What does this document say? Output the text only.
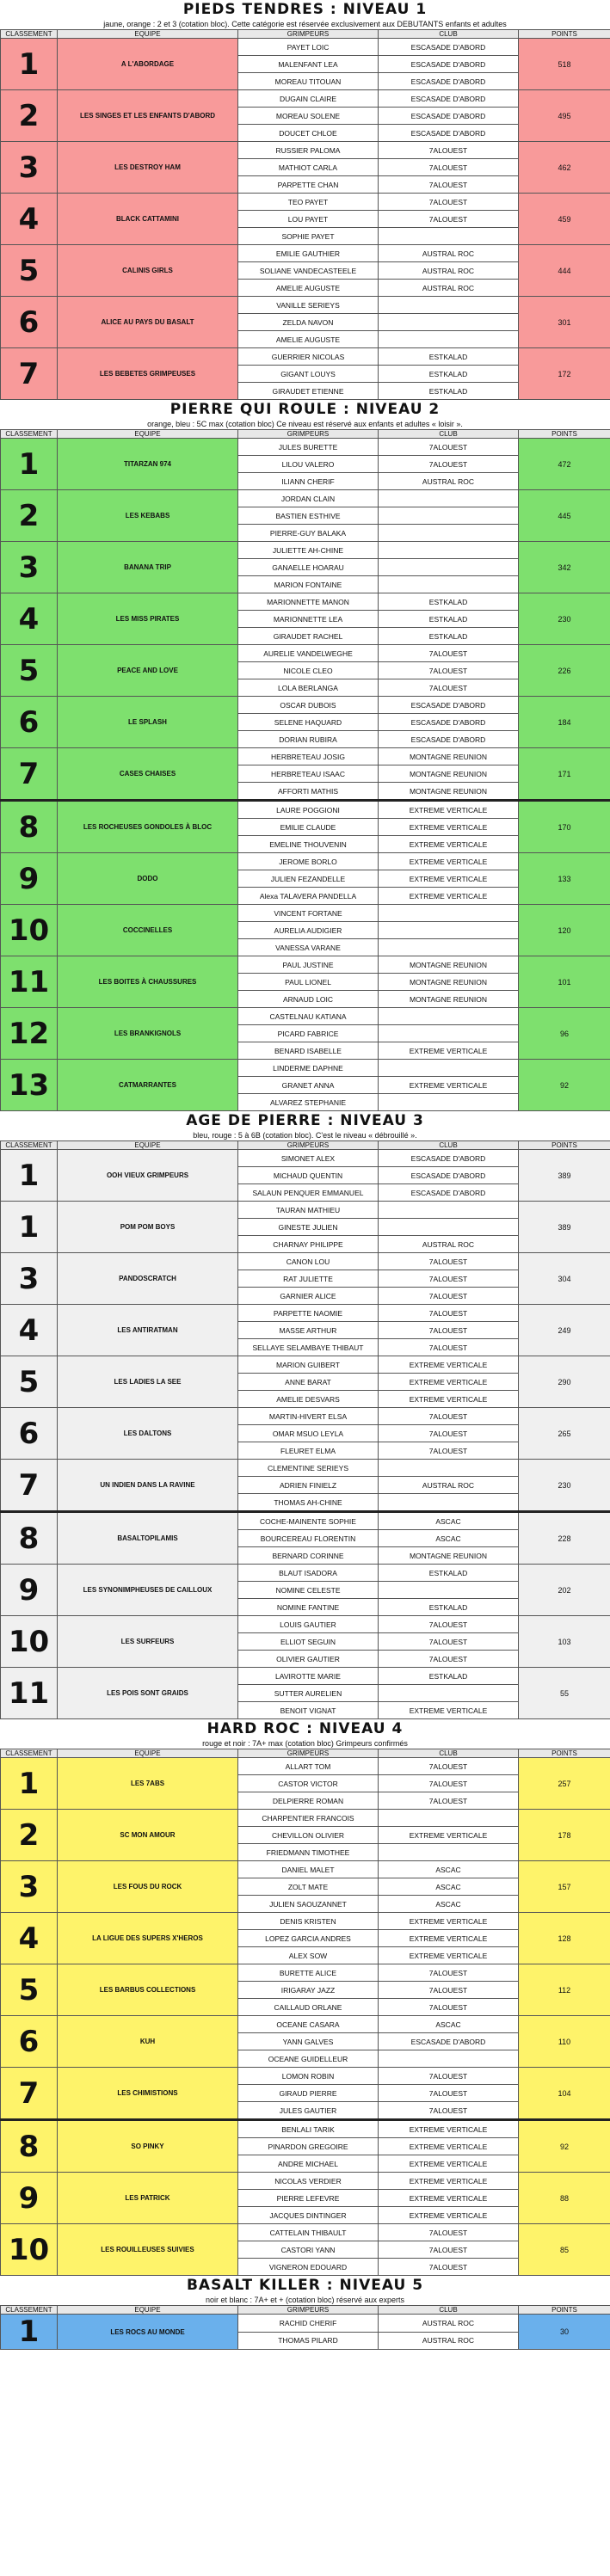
PIEDS TENDRES : NIVEAU 1
jaune, orange : 2 et 3 (cotation bloc). Cette catégorie est réservée exclusivement aux DEBUTANTS enfants et adultes
CLASSEMENT	EQUIPE	GRIMPEURS	CLUB	POINTS
1	A L'ABORDAGE	PAYET LOIC	ESCASADE D'ABORD	518
		MALENFANT LEA	ESCASADE D'ABORD	
		MOREAU TITOUAN	ESCASADE D'ABORD	
2	LES SINGES ET LES ENFANTS D'ABORD	DUGAIN CLAIRE	ESCASADE D'ABORD	495
		MOREAU SOLENE	ESCASADE D'ABORD	
		DOUCET CHLOE	ESCASADE D'ABORD	
3	LES DESTROY HAM	RUSSIER PALOMA	7ALOUEST	462
		MATHIOT CARLA	7ALOUEST	
		PARPETTE CHAN	7ALOUEST	
4	BLACK CATTAMINI	TEO PAYET	7ALOUEST	459
		LOU PAYET	7ALOUEST	
		SOPHIE PAYET		
5	CALINIS GIRLS	EMILIE GAUTHIER	AUSTRAL ROC	444
		SOLIANE VANDECASTEELE	AUSTRAL ROC	
		AMELIE AUGUSTE	AUSTRAL ROC	
6	ALICE AU PAYS DU BASALT	VANILLE SERIEYS		301
		ZELDA NAVON		
		AMELIE AUGUSTE		
7	LES BEBETES GRIMPEUSES	GUERRIER NICOLAS	ESTKALAD	172
		GIGANT LOUYS	ESTKALAD	
		GIRAUDET ETIENNE	ESTKALAD	
PIERRE QUI ROULE : NIVEAU 2
orange, bleu : 5C max (cotation bloc) Ce niveau est réservé aux enfants et adultes « loisir ».
CLASSEMENT	EQUIPE	GRIMPEURS	CLUB	POINTS
1	TITARZAN 974	JULES BURETTE	7ALOUEST	472
		LILOU VALERO	7ALOUEST	
		ILIANN CHERIF	AUSTRAL ROC	
2	LES KEBABS	JORDAN CLAIN		445
		BASTIEN ESTHIVE		
		PIERRE-GUY BALAKA		
3	BANANA TRIP	JULIETTE AH-CHINE		342
		GANAELLE HOARAU		
		MARION FONTAINE		
4	LES MISS PIRATES	MARIONNETTE MANON	ESTKALAD	230
		MARIONNETTE LEA	ESTKALAD	
		GIRAUDET RACHEL	ESTKALAD	
5	PEACE AND LOVE	AURELIE VANDELWEGHE	7ALOUEST	226
		NICOLE CLEO	7ALOUEST	
		LOLA BERLANGA	7ALOUEST	
6	LE SPLASH	OSCAR DUBOIS	ESCASADE D'ABORD	184
		SELENE HAQUARD	ESCASADE D'ABORD	
		DORIAN RUBIRA	ESCASADE D'ABORD	
7	CASES CHAISES	HERBRETEAU JOSIG	MONTAGNE REUNION	171
		HERBRETEAU ISAAC	MONTAGNE REUNION	
		AFFORTI MATHIS	MONTAGNE REUNION	
8	LES ROCHEUSES GONDOLES À BLOC	LAURE POGGIONI	EXTREME VERTICALE	170
		EMILIE CLAUDE	EXTREME VERTICALE	
		EMELINE THOUVENIN	EXTREME VERTICALE	
9	DODO	JEROME BORLO	EXTREME VERTICALE	133
		JULIEN FEZANDELLE	EXTREME VERTICALE	
		Alexa TALAVERA PANDELLA	EXTREME VERTICALE	
10	COCCINELLES	VINCENT FORTANE		120
		AURELIA AUDIGIER		
		VANESSA VARANE		
11	LES BOITES À CHAUSSURES	PAUL JUSTINE	MONTAGNE REUNION	101
		PAUL LIONEL	MONTAGNE REUNION	
		ARNAUD LOIC	MONTAGNE REUNION	
12	LES BRANKIGNOLS	CASTELNAU KATIANA		96
		PICARD FABRICE		
		BENARD ISABELLE	EXTREME VERTICALE	
13	CATMARRANTES	LINDERME DAPHNE		92
		GRANET ANNA	EXTREME VERTICALE	
		ALVAREZ STEPHANIE		
AGE DE PIERRE : NIVEAU 3
bleu, rouge : 5 à 6B (cotation bloc). C'est le niveau « débrouillé ».
CLASSEMENT	EQUIPE	GRIMPEURS	CLUB	POINTS
1	OOH VIEUX GRIMPEURS	SIMONET ALEX	ESCASADE D'ABORD	389
		MICHAUD QUENTIN	ESCASADE D'ABORD	
		SALAUN PENQUER EMMANUEL	ESCASADE D'ABORD	
1	POM POM BOYS	TAURAN MATHIEU		389
		GINESTE JULIEN		
		CHARNAY PHILIPPE	AUSTRAL ROC	
3	PANDOSCRATCH	CANON LOU	7ALOUEST	304
		RAT JULIETTE	7ALOUEST	
		GARNIER ALICE	7ALOUEST	
4	LES ANTIRATMAN	PARPETTE NAOMIE	7ALOUEST	249
		MASSE ARTHUR	7ALOUEST	
		SELLAYE SELAMBAYE THIBAUT	7ALOUEST	
5	LES LADIES LA SEE	MARION GUIBERT	EXTREME VERTICALE	290
		ANNE BARAT	EXTREME VERTICALE	
		AMELIE DESVARS	EXTREME VERTICALE	
6	LES DALTONS	MARTIN-HIVERT ELSA	7ALOUEST	265
		OMAR MSUO LEYLA	7ALOUEST	
		FLEURET ELMA	7ALOUEST	
7	UN INDIEN DANS LA RAVINE	CLEMENTINE SERIEYS		230
		ADRIEN FINIELZ	AUSTRAL ROC	
		THOMAS AH-CHINE		
8	BASALTOPILAMIS	COCHE-MAINENTE SOPHIE	ASCAC	228
		BOURCEREAU FLORENTIN	ASCAC	
		BERNARD CORINNE	MONTAGNE REUNION	
9	LES SYNONIMPHEUSES DE CAILLOUX	BLAUT ISADORA	ESTKALAD	202
		NOMINE CELESTE		
		NOMINE FANTINE	ESTKALAD	
10	LES SURFEURS	LOUIS GAUTIER	7ALOUEST	103
		ELLIOT SEGUIN	7ALOUEST	
		OLIVIER GAUTIER	7ALOUEST	
11	LES POIS SONT GRAIDS	LAVIROTTE MARIE	ESTKALAD	55
		SUTTER AURELIEN		
		BENOIT VIGNAT	EXTREME VERTICALE	
HARD ROC : NIVEAU 4
rouge et noir : 7A+ max (cotation bloc) Grimpeurs confirmés
CLASSEMENT	EQUIPE	GRIMPEURS	CLUB	POINTS
1	LES 7ABS	ALLART TOM	7ALOUEST	257
		CASTOR VICTOR	7ALOUEST	
		DELPIERRE ROMAN	7ALOUEST	
2	SC MON AMOUR	CHARPENTIER FRANCOIS		178
		CHEVILLON OLIVIER	EXTREME VERTICALE	
		FRIEDMANN TIMOTHEE		
3	LES FOUS DU ROCK	DANIEL MALET	ASCAC	157
		ZOLT MATE	ASCAC	
		JULIEN SAOUZANNET	ASCAC	
4	LA LIGUE DES SUPERS X'HEROS	DENIS KRISTEN	EXTREME VERTICALE	128
		LOPEZ GARCIA ANDRES	EXTREME VERTICALE	
		ALEX SOW	EXTREME VERTICALE	
5	LES BARBUS COLLECTIONS	BURETTE ALICE	7ALOUEST	112
		IRIGARAY JAZZ	7ALOUEST	
		CAILLAUD ORLANE	7ALOUEST	
6	KUH	OCEANE CASARA	ASCAC	110
		YANN GALVES	ESCASADE D'ABORD	
		OCEANE GUIDELLEUR		
7	LES CHIMISTIONS	LOMON ROBIN	7ALOUEST	104
		GIRAUD PIERRE	7ALOUEST	
		JULES GAUTIER	7ALOUEST	
8	SO PINKY	BENLALI TARIK	EXTREME VERTICALE	92
		PINARDON GREGOIRE	EXTREME VERTICALE	
		ANDRE MICHAEL	EXTREME VERTICALE	
9	LES PATRICK	NICOLAS VERDIER	EXTREME VERTICALE	88
		PIERRE LEFEVRE	EXTREME VERTICALE	
		JACQUES DINTINGER	EXTREME VERTICALE	
10	LES ROUILLEUSES SUIVIES	CATTELAIN THIBAULT	7ALOUEST	85
		CASTORI YANN	7ALOUEST	
		VIGNERON EDOUARD	7ALOUEST	
BASALT KILLER : NIVEAU 5
noir et blanc : 7A+ et + (cotation bloc) réservé aux experts
CLASSEMENT	EQUIPE	GRIMPEURS	CLUB	POINTS
1	LES ROCS AU MONDE	RACHID CHERIF	AUSTRAL ROC	30
		THOMAS PILARD	AUSTRAL ROC	
